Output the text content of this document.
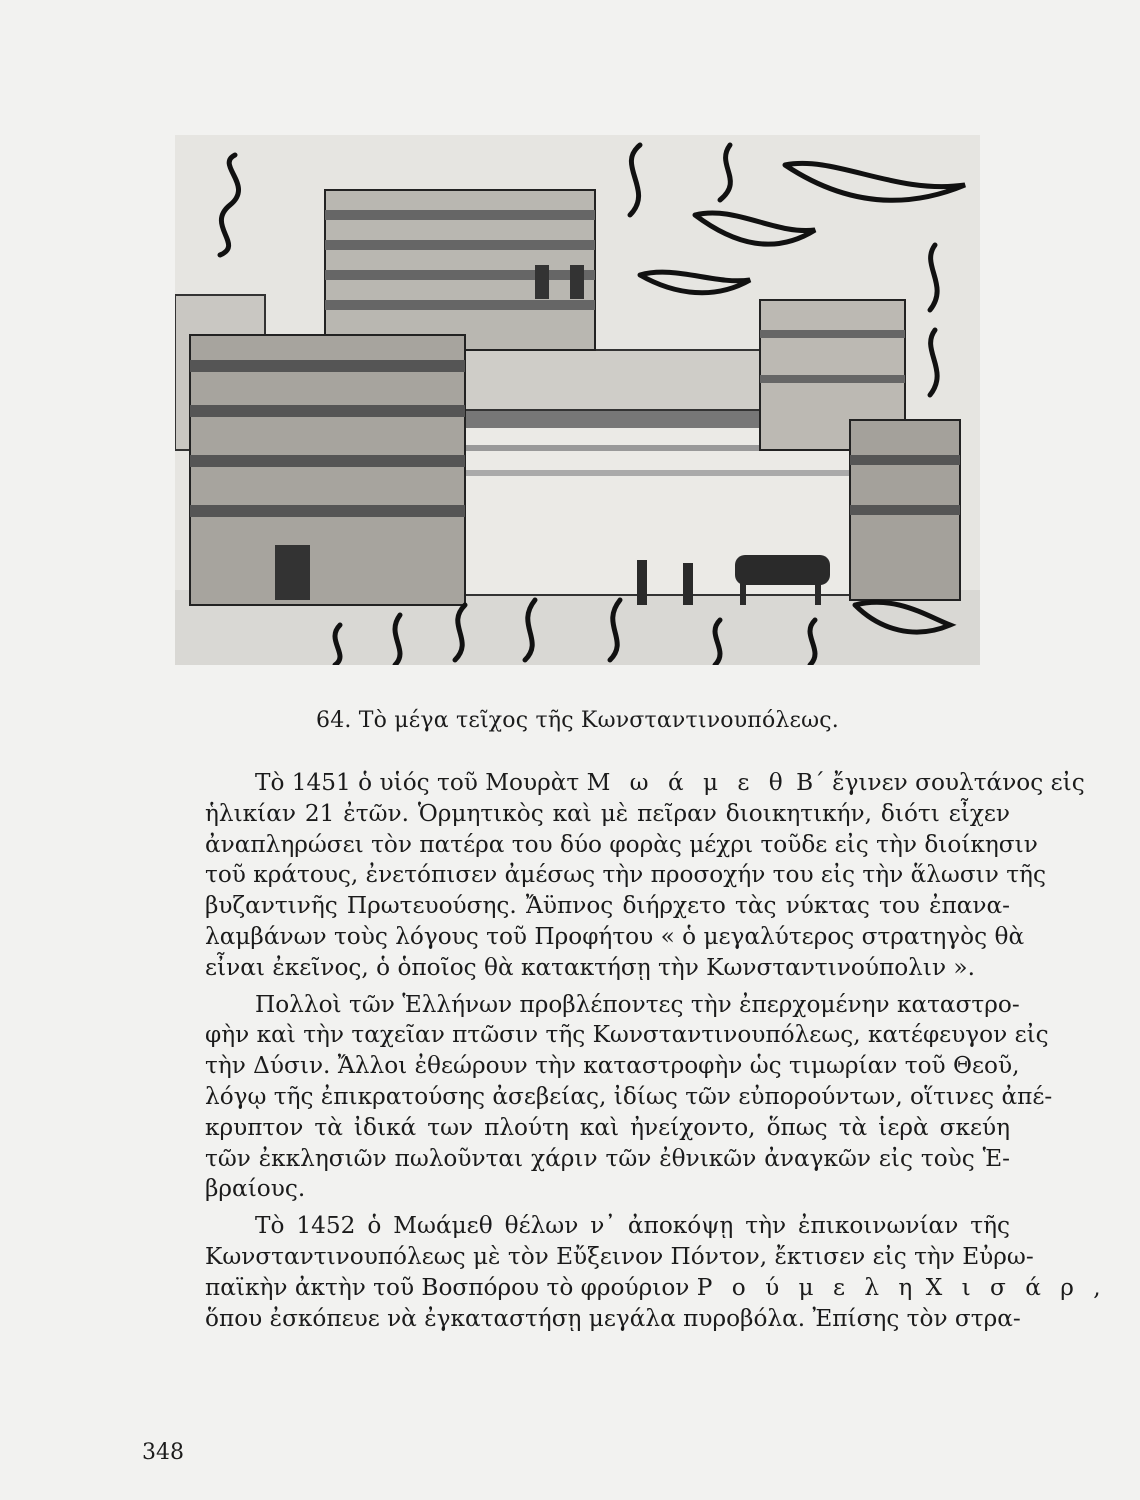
64. Τὸ μέγα τεῖχος τῆς Κωνσταντινουπόλεως.

Τὸ 1451 ὁ υἱός τοῦ Μουρὰτ Μ ω ά μ ε θ Β΄ ἔγινεν σουλτάνος εἰς
ἡλικίαν 21 ἐτῶν. Ὁρμητικὸς καὶ μὲ πεῖραν διοικητικήν, διότι εἶχεν
ἀναπληρώσει τὸν πατέρα του δύο φορὰς μέχρι τοῦδε εἰς τὴν διοίκησιν
τοῦ κράτους, ἐνετόπισεν ἀμέσως τὴν προσοχήν του εἰς τὴν ἅλωσιν τῆς
βυζαντινῆς Πρωτευούσης. Ἄϋπνος διήρχετο τὰς νύκτας του ἐπανα-
λαμβάνων τοὺς λόγους τοῦ Προφήτου « ὁ μεγαλύτερος στρατηγὸς θὰ
εἶναι ἐκεῖνος, ὁ ὁποῖος θὰ κατακτήσῃ τὴν Κωνσταντινούπολιν ».

Πολλοὶ τῶν Ἑλλήνων προβλέποντες τὴν ἐπερχομένην καταστρο-
φὴν καὶ τὴν ταχεῖαν πτῶσιν τῆς Κωνσταντινουπόλεως, κατέφευγον εἰς
τὴν Δύσιν. Ἄλλοι ἐθεώρουν τὴν καταστροφὴν ὡς τιμωρίαν τοῦ Θεοῦ,
λόγῳ τῆς ἐπικρατούσης ἀσεβείας, ἰδίως τῶν εὐπορούντων, οἵτινες ἀπέ-
κρυπτον τὰ ἰδικά των πλούτη καὶ ἠνείχοντο, ὅπως τὰ ἱερὰ σκεύη
τῶν ἐκκλησιῶν πωλοῦνται χάριν τῶν ἐθνικῶν ἀναγκῶν εἰς τοὺς Ἑ-
βραίους.

Τὸ 1452 ὁ Μωάμεθ θέλων ν᾽ ἀποκόψῃ τὴν ἐπικοινωνίαν τῆς
Κωνσταντινουπόλεως μὲ τὸν Εὔξεινον Πόντον, ἔκτισεν εἰς τὴν Εὐρω-
παϊκὴν ἀκτὴν τοῦ Βοσπόρου τὸ φρούριον Ρ ο ύ μ ε λ η Χ ι σ ά ρ ,
ὅπου ἐσκόπευε νὰ ἐγκαταστήσῃ μεγάλα πυροβόλα. Ἐπίσης τὸν στρα-

348
